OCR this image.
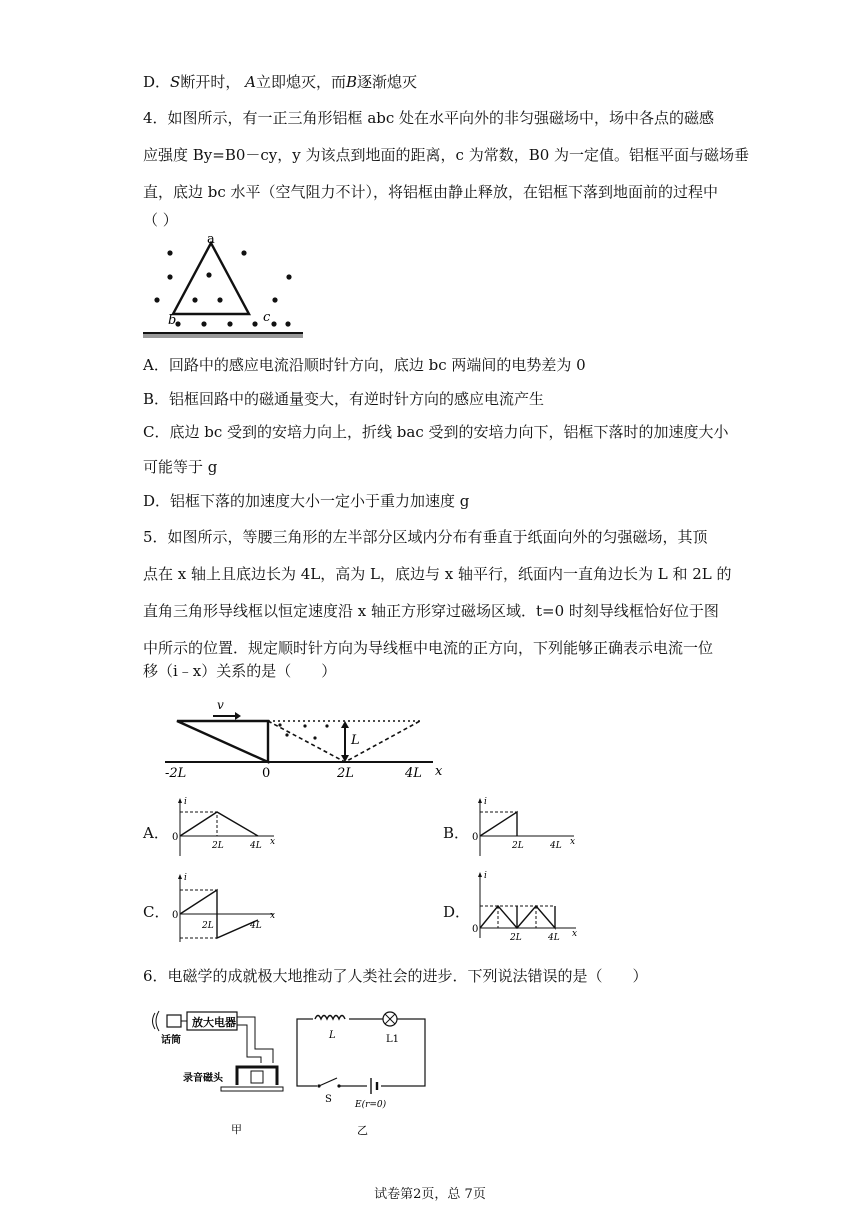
D．S断开时， A立即熄灭，而B逐渐熄灭
4．如图所示，有一正三角形铝框 abc 处在水平向外的非匀强磁场中，场中各点的磁感
应强度 By=B0－cy，y 为该点到地面的距离，c 为常数，B0 为一定值。铝框平面与磁场垂
直，底边 bc 水平（空气阻力不计），将铝框由静止释放，在铝框下落到地面前的过程中
（ ）
a
b	c
A．回路中的感应电流沿顺时针方向，底边 bc 两端间的电势差为 0
B．铝框回路中的磁通量变大，有逆时针方向的感应电流产生
C．底边 bc 受到的安培力向上，折线 bac 受到的安培力向下，铝框下落时的加速度大小
可能等于 g
D．铝框下落的加速度大小一定小于重力加速度 g
5．如图所示，等腰三角形的左半部分区域内分布有垂直于纸面向外的匀强磁场，其顶
点在 x 轴上且底边长为 4L，高为 L，底边与 x 轴平行，纸面内一直角边长为 L 和 2L 的
直角三角形导线框以恒定速度沿 x 轴正方形穿过磁场区域．t=0 时刻导线框恰好位于图
中所示的位置．规定顺时针方向为导线框中电流的正方向，下列能够正确表示电流一位
移（i﹣x）关系的是（　　）
v
L
-2L	0	2L	4L x
A．
i
0
2L	4L x	B．
i
0
2L	4L x
C．
i
0
2L	4L
x	D．
i
0
2L	4L x
6．电磁学的成就极大地推动了人类社会的进步．下列说法错误的是（　　）
放大电器
话筒
录音磁头
甲
L	L1
S	E(r=0)
乙
试卷第2页，总 7页
